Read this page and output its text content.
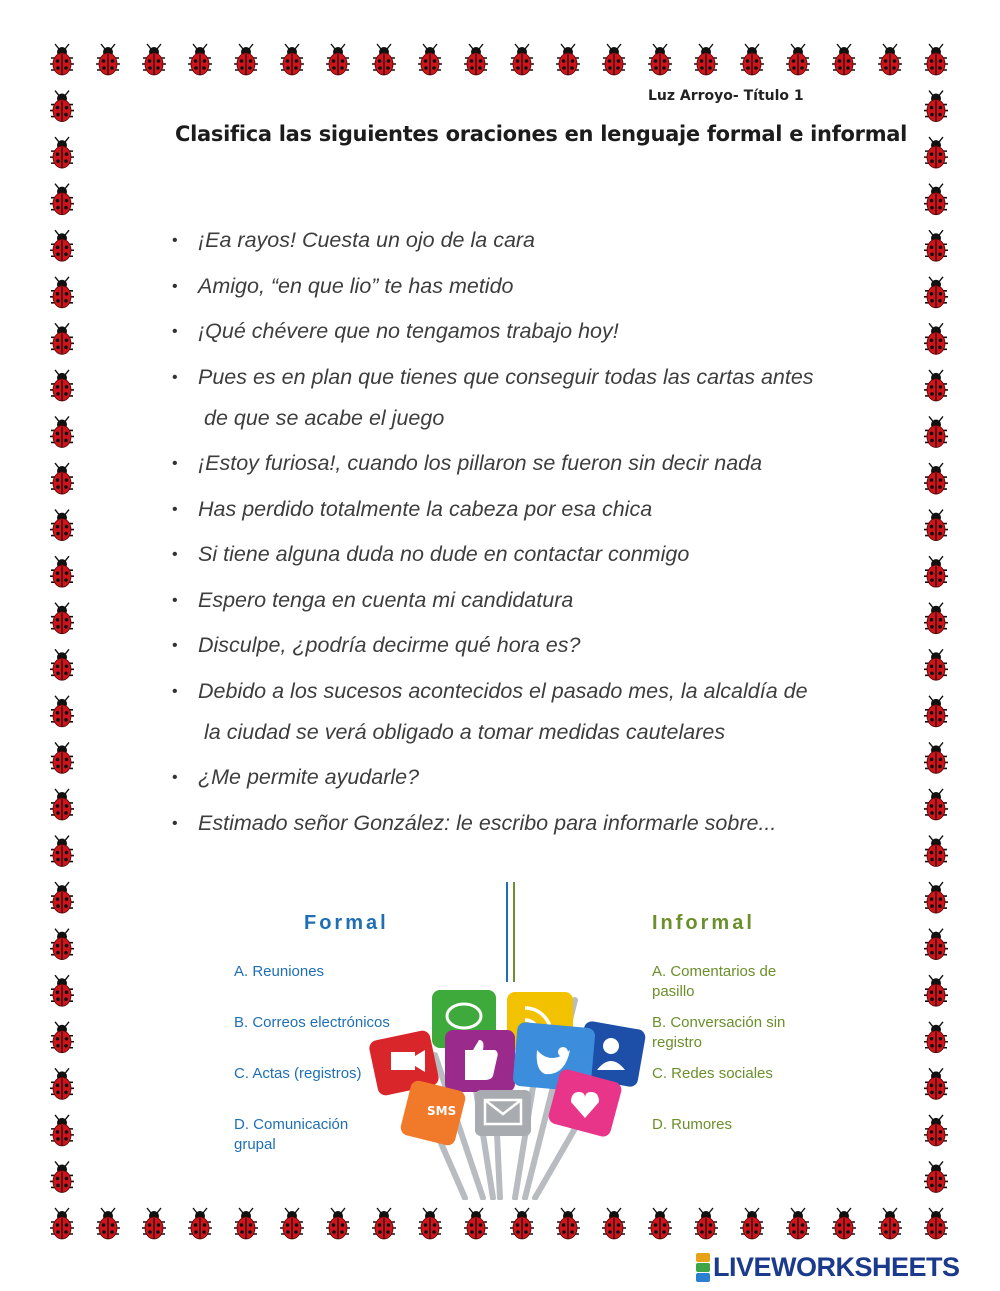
Luz Arroyo- Título 1
Clasifica las siguientes oraciones en lenguaje formal e informal
• ¡Ea rayos! Cuesta un ojo de la cara
• Amigo, “en que lio” te has metido
• ¡Qué chévere que no tengamos trabajo hoy!
• Pues es en plan que tienes que conseguir todas las cartas antes
de que se acabe el juego
• ¡Estoy furiosa!, cuando los pillaron se fueron sin decir nada
• Has perdido totalmente la cabeza por esa chica
• Si tiene alguna duda no dude en contactar conmigo
• Espero tenga en cuenta mi candidatura
• Disculpe, ¿podría decirme qué hora es?
• Debido a los sucesos acontecidos el pasado mes, la alcaldía de
la ciudad se verá obligado a tomar medidas cautelares
• ¿Me permite ayudarle?
• Estimado señor González: le escribo para informarle sobre...
Formal
A. Reuniones
B. Correos electrónicos
C. Actas (registros)
D. Comunicación
grupal
Informal
A. Comentarios de
pasillo
B. Conversación sin
registro
C. Redes sociales
D. Rumores
SMS
LIVEWORKSHEETS
